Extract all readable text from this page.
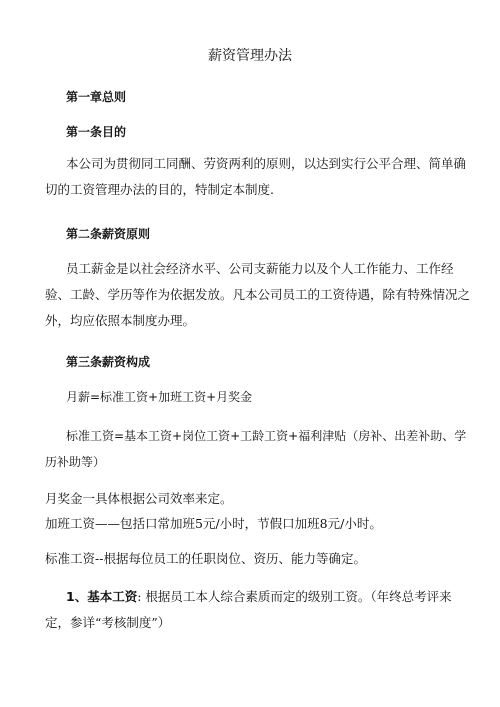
薪资管理办法
第一章总则
第一条目的

本公司为贯彻同工同酬、劳资两利的原则，以达到实行公平合理、简单确切的工资管理办法的目的，特制定本制度.

第二条薪资原则

员工薪金是以社会经济水平、公司支薪能力以及个人工作能力、工作经验、工龄、学历等作为依据发放。凡本公司员工的工资待遇，除有特殊情况之外，均应依照本制度办理。

第三条薪资构成
月薪=标准工资+加班工资+月奖金

标准工资=基本工资+岗位工资+工龄工资+福利津贴（房补、出差补助、学历补助等）

月奖金一具体根据公司效率来定。
加班工资——包括口常加班5元/小时，节假口加班8元/小时。
标准工资--根据每位员工的任职岗位、资历、能力等确定。

1、基本工资: 根据员工本人综合素质而定的级别工资。（年终总考评来定，参详“考核制度”）
